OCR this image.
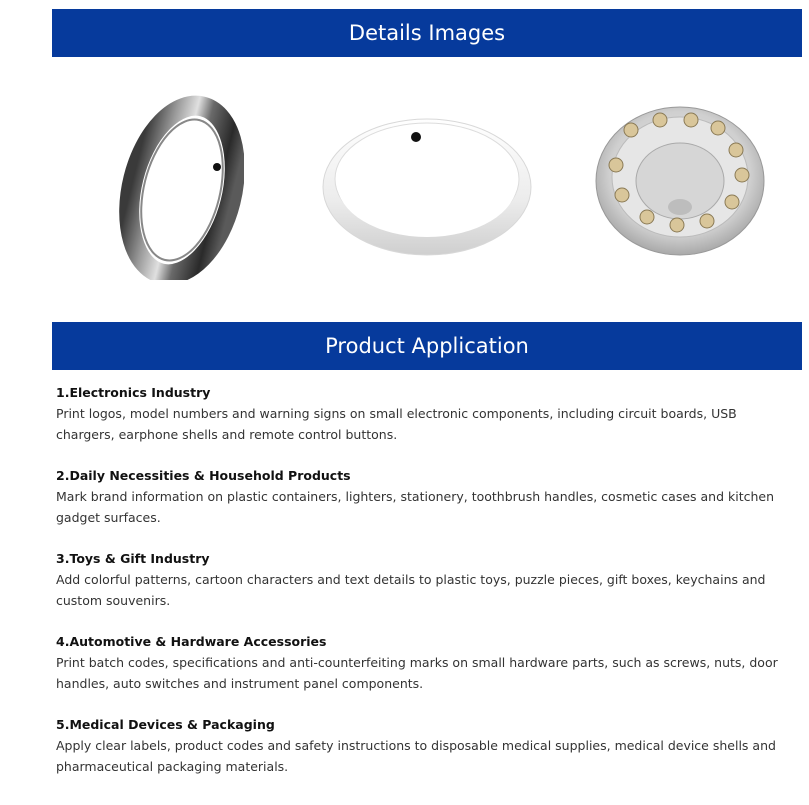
Details Images
Product Application

1.Electronics Industry

Print logos, model numbers and warning signs on small electronic components, including circuit boards, USB chargers, earphone shells and remote control buttons.

2.Daily Necessities & Household Products

Mark brand information on plastic containers, lighters, stationery, toothbrush handles, cosmetic cases and kitchen gadget surfaces.

3.Toys & Gift Industry

Add colorful patterns, cartoon characters and text details to plastic toys, puzzle pieces, gift boxes, keychains and custom souvenirs.

4.Automotive & Hardware Accessories

Print batch codes, specifications and anti-counterfeiting marks on small hardware parts, such as screws, nuts, door handles, auto switches and instrument panel components.

5.Medical Devices & Packaging

Apply clear labels, product codes and safety instructions to disposable medical supplies, medical device shells and pharmaceutical packaging materials.
